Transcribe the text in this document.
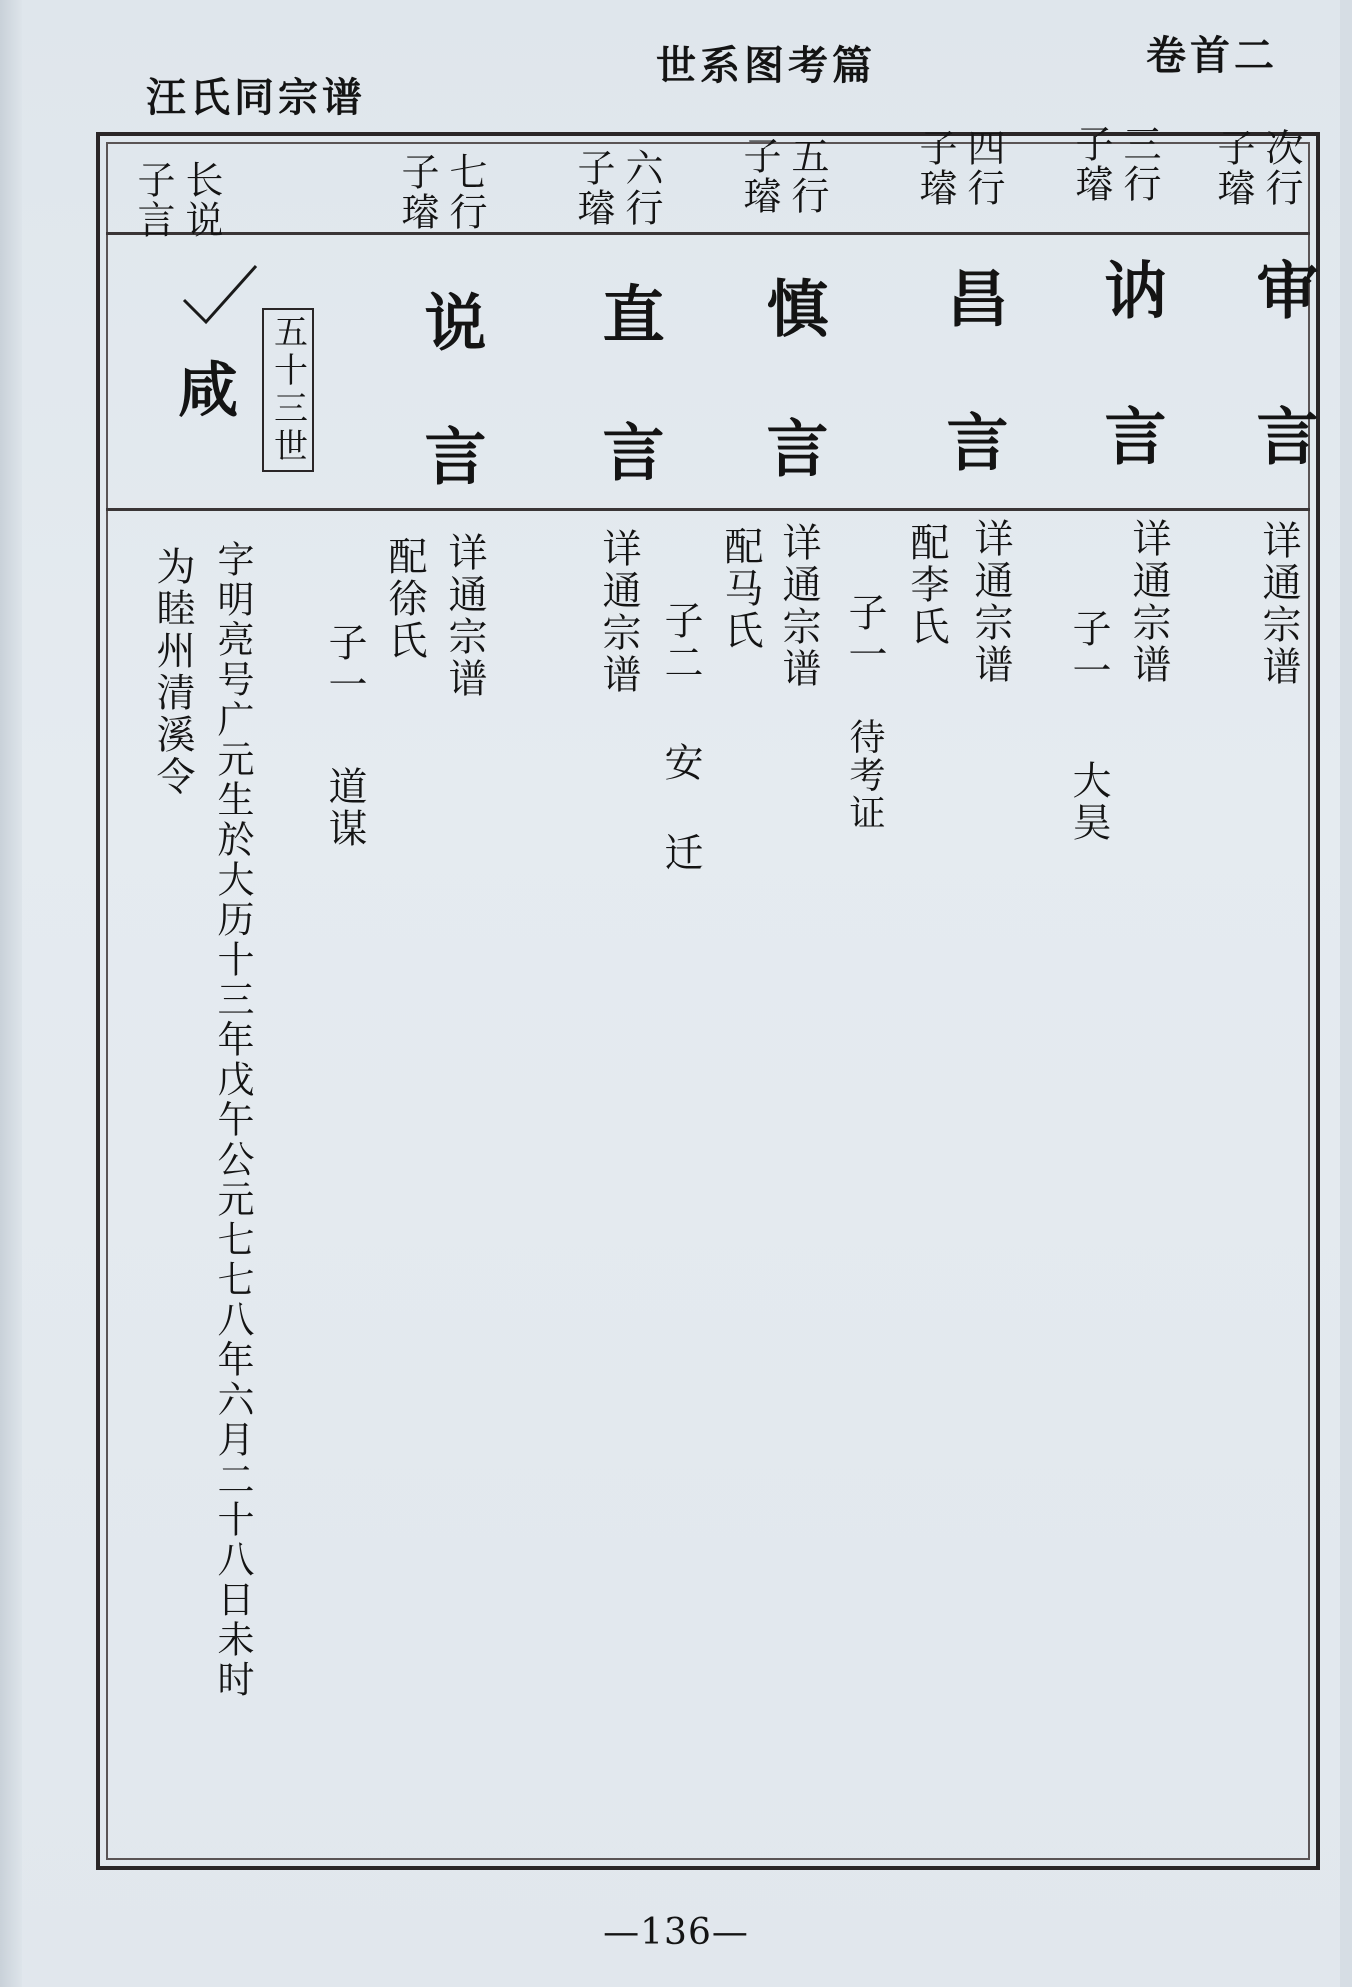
汪氏同宗谱
世系图考篇	卷首二
次行
子璿
三行
子璿
四行
子璿
五行
子璿
六行
子璿
七行
子璿
长说
子言
审
言
讷
言
昌
言
慎
言
直
言
说
言
五十三世
咸
详通宗谱
详通宗谱
子一
大昊
详通宗谱
配李氏
子一
待考证
详通宗谱
配马氏
子二
安
迁
详通宗谱
详通宗谱
配徐氏
子一
道谋
字明亮号广元生於大历十三年戊午公元七七八年六月二十八日未时
为睦州清溪令
—136—
